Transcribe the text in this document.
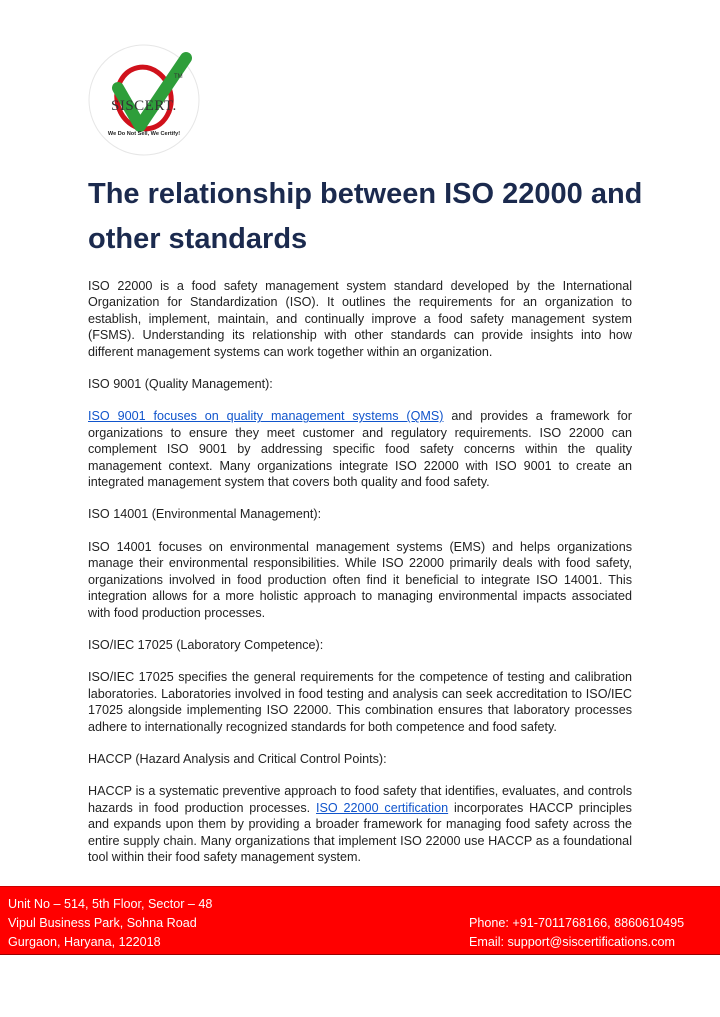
TM
SISCERT.
We Do Not Sell, We Certify!
The relationship between ISO 22000 and other standards

ISO 22000 is a food safety management system standard developed by the International Organization for Standardization (ISO). It outlines the requirements for an organization to establish, implement, maintain, and continually improve a food safety management system (FSMS). Understanding its relationship with other standards can provide insights into how different management systems can work together within an organization.

ISO 9001 (Quality Management):

ISO 9001 focuses on quality management systems (QMS) and provides a framework for organizations to ensure they meet customer and regulatory requirements. ISO 22000 can complement ISO 9001 by addressing specific food safety concerns within the quality management context. Many organizations integrate ISO 22000 with ISO 9001 to create an integrated management system that covers both quality and food safety.

ISO 14001 (Environmental Management):

ISO 14001 focuses on environmental management systems (EMS) and helps organizations manage their environmental responsibilities. While ISO 22000 primarily deals with food safety, organizations involved in food production often find it beneficial to integrate ISO 14001. This integration allows for a more holistic approach to managing environmental impacts associated with food production processes.

ISO/IEC 17025 (Laboratory Competence):

ISO/IEC 17025 specifies the general requirements for the competence of testing and calibration laboratories. Laboratories involved in food testing and analysis can seek accreditation to ISO/IEC 17025 alongside implementing ISO 22000. This combination ensures that laboratory processes adhere to internationally recognized standards for both competence and food safety.

HACCP (Hazard Analysis and Critical Control Points):

HACCP is a systematic preventive approach to food safety that identifies, evaluates, and controls hazards in food production processes. ISO 22000 certification incorporates HACCP principles and expands upon them by providing a broader framework for managing food safety across the entire supply chain. Many organizations that implement ISO 22000 use HACCP as a foundational tool within their food safety management system.

Unit No – 514, 5th Floor, Sector – 48
Vipul Business Park, Sohna Road
Gurgaon, Haryana, 122018
Phone: +91-7011768166, 8860610495
Email: support@siscertifications.com
